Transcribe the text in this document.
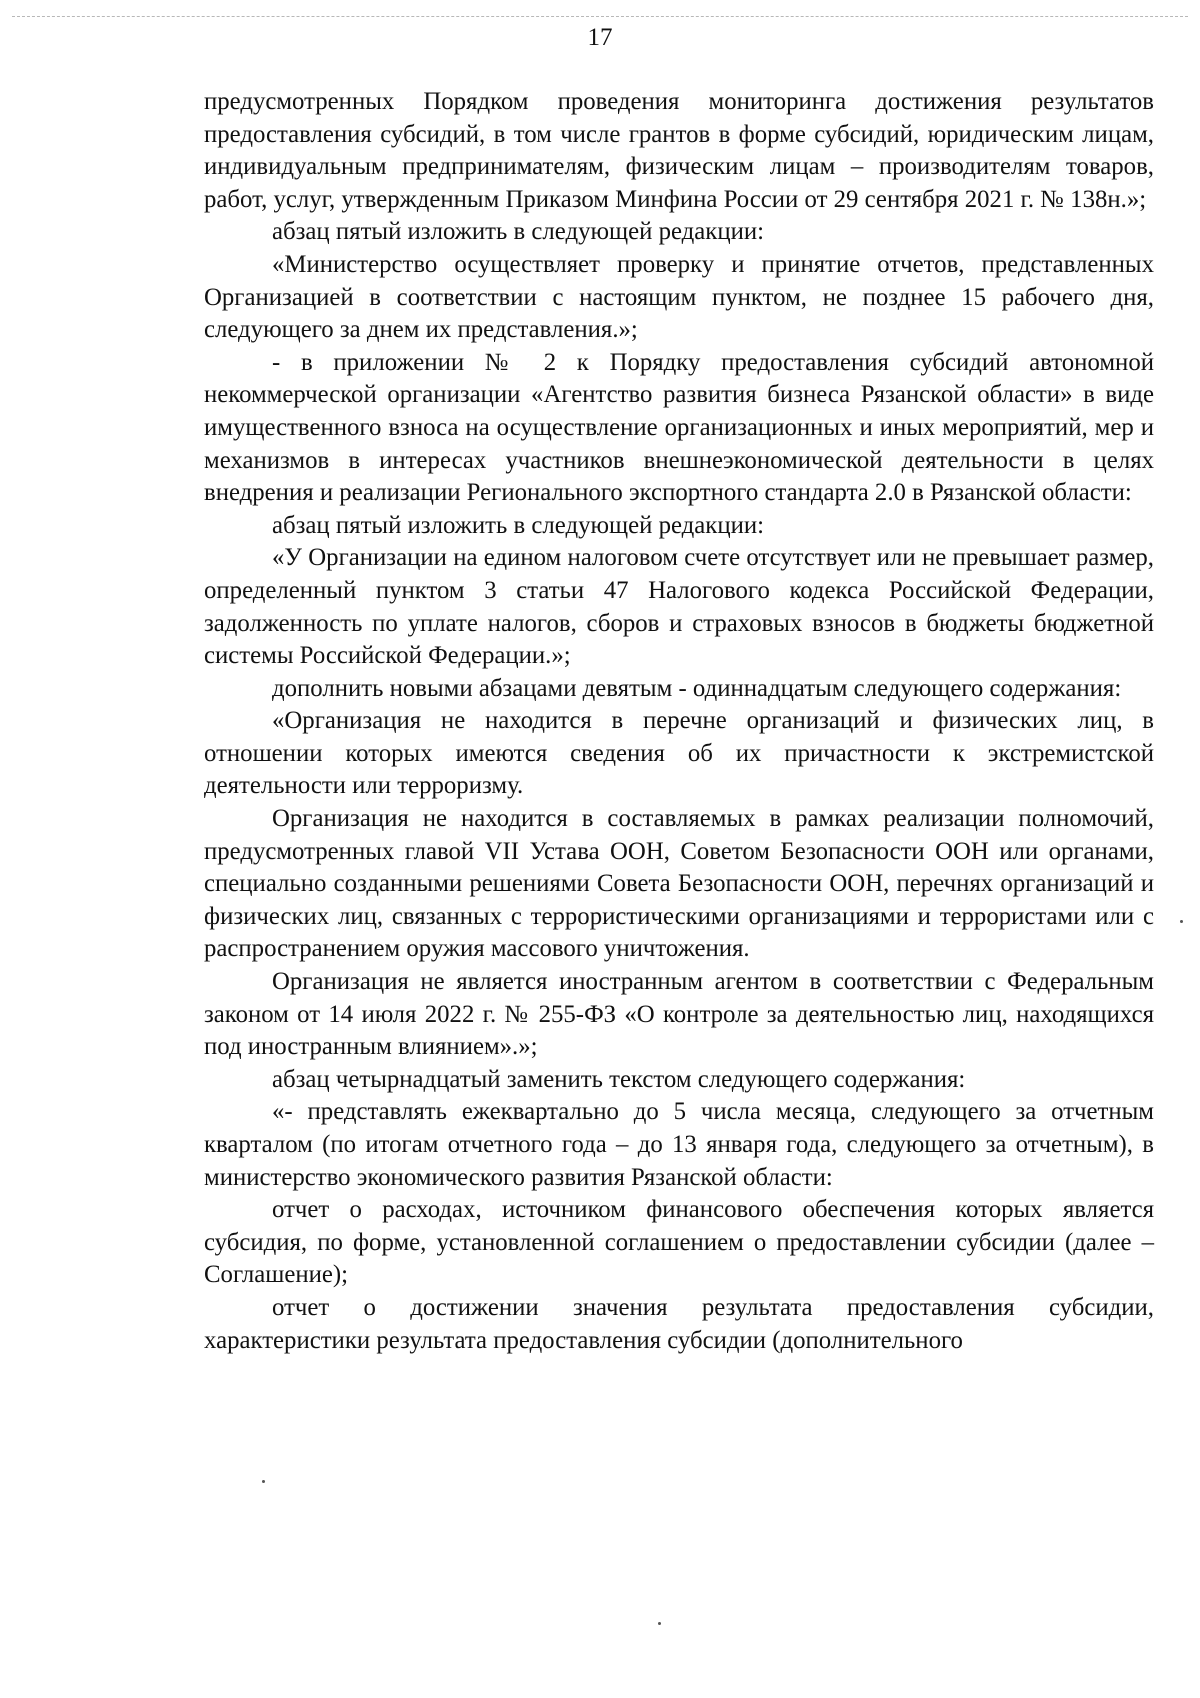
17

предусмотренных Порядком проведения мониторинга достижения результатов предоставления субсидий, в том числе грантов в форме субсидий, юридическим лицам, индивидуальным предпринимателям, физическим лицам – производителям товаров, работ, услуг, утвержденным Приказом Минфина России от 29 сентября 2021 г. № 138н.»;

абзац пятый изложить в следующей редакции:

«Министерство осуществляет проверку и принятие отчетов, представленных Организацией в соответствии с настоящим пунктом, не позднее 15 рабочего дня, следующего за днем их представления.»;

- в приложении № 2 к Порядку предоставления субсидий автономной некоммерческой организации «Агентство развития бизнеса Рязанской области» в виде имущественного взноса на осуществление организационных и иных мероприятий, мер и механизмов в интересах участников внешнеэкономической деятельности в целях внедрения и реализации Регионального экспортного стандарта 2.0 в Рязанской области:

абзац пятый изложить в следующей редакции:

«У Организации на едином налоговом счете отсутствует или не превышает размер, определенный пунктом 3 статьи 47 Налогового кодекса Российской Федерации, задолженность по уплате налогов, сборов и страховых взносов в бюджеты бюджетной системы Российской Федерации.»;

дополнить новыми абзацами девятым - одиннадцатым следующего содержания:

«Организация не находится в перечне организаций и физических лиц, в отношении которых имеются сведения об их причастности к экстремистской деятельности или терроризму.

Организация не находится в составляемых в рамках реализации полномочий, предусмотренных главой VII Устава ООН, Советом Безопасности ООН или органами, специально созданными решениями Совета Безопасности ООН, перечнях организаций и физических лиц, связанных с террористическими организациями и террористами или с распространением оружия массового уничтожения.

Организация не является иностранным агентом в соответствии с Федеральным законом от 14 июля 2022 г. № 255-ФЗ «О контроле за деятельностью лиц, находящихся под иностранным влиянием».»;

абзац четырнадцатый заменить текстом следующего содержания:

«- представлять ежеквартально до 5 числа месяца, следующего за отчетным кварталом (по итогам отчетного года – до 13 января года, следующего за отчетным), в министерство экономического развития Рязанской области:

отчет о расходах, источником финансового обеспечения которых является субсидия, по форме, установленной соглашением о предоставлении субсидии (далее – Соглашение);

отчет о достижении значения результата предоставления субсидии, характеристики результата предоставления субсидии (дополнительного
